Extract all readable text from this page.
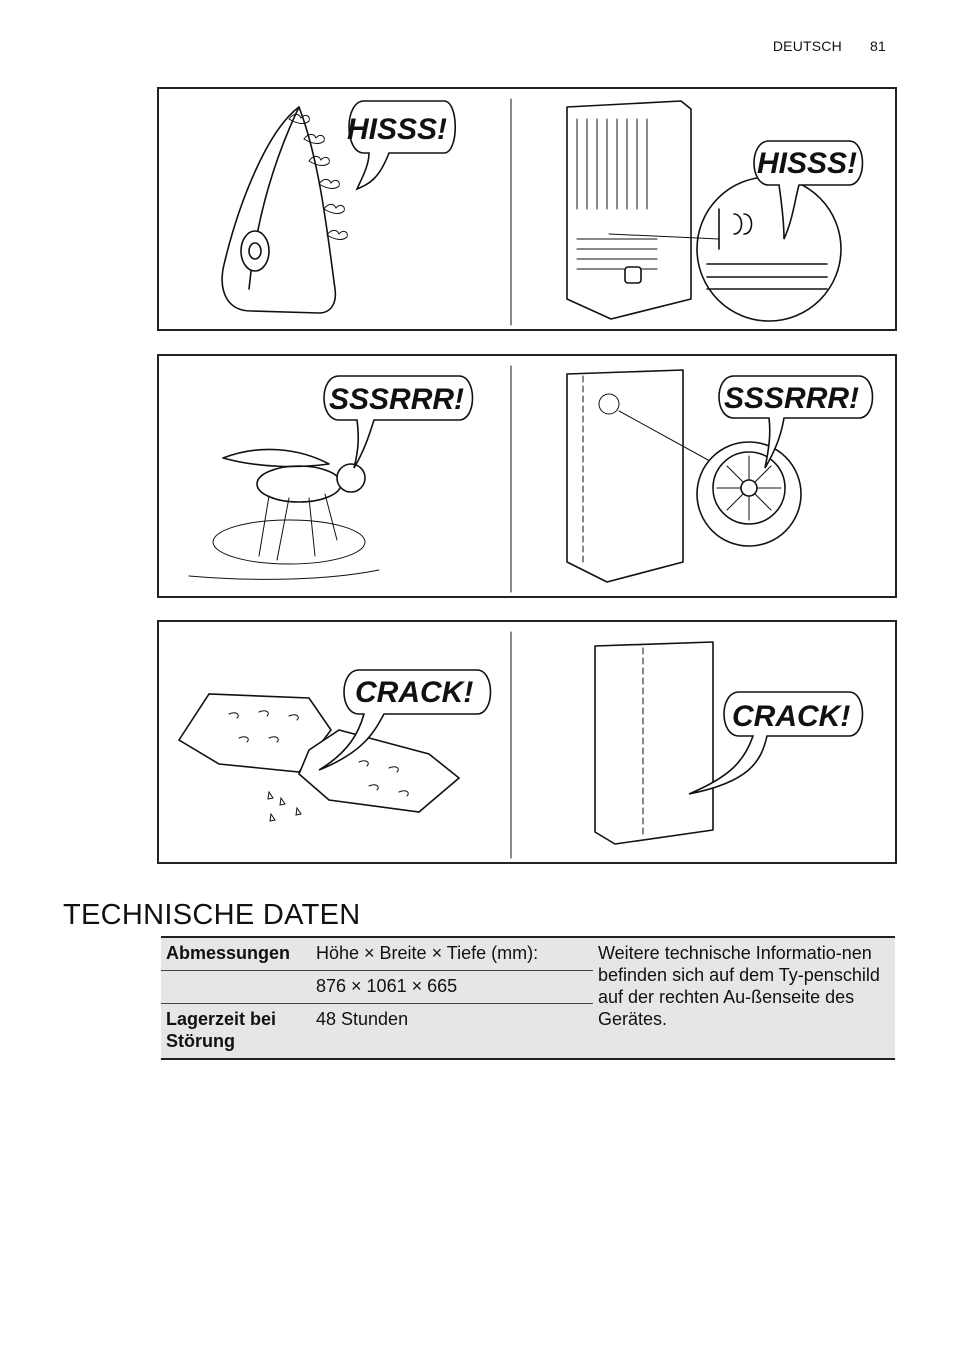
DEUTSCH 81
HISSS!
HISSS!
SSSRRR!	SSSRRR!
CRACK!
CRACK!
TECHNISCHE DATEN
Abmessungen	Höhe × Breite × Tiefe (mm):	Weitere technische Informatio-nen befinden sich auf dem Ty-penschild auf der rechten Au-ßenseite des Gerätes.
	876 × 1061 × 665	
Lagerzeit bei Störung	48 Stunden	
